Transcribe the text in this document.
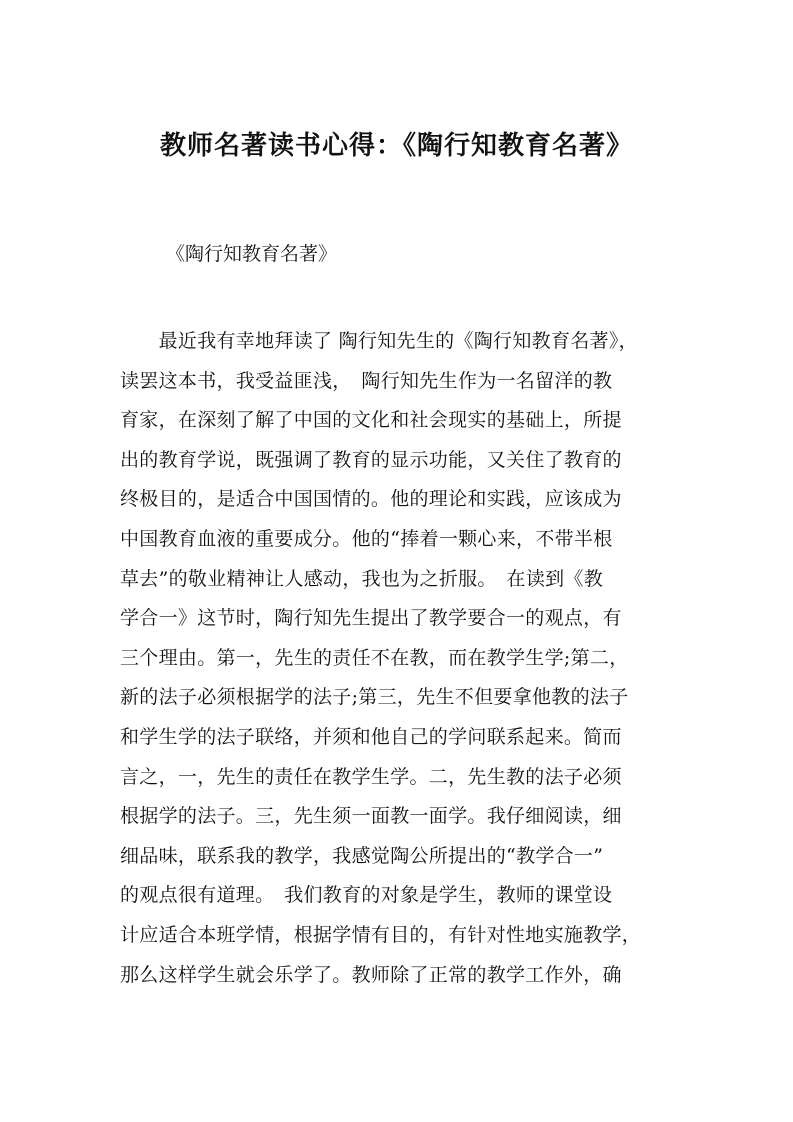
教师名著读书心得：《陶行知教育名著》
《陶行知教育名著》
　　最近我有幸地拜读了 陶行知先生的《陶行知教育名著》，
读罢这本书，我受益匪浅，　陶行知先生作为一名留洋的教
育家，在深刻了解了中国的文化和社会现实的基础上，所提
出的教育学说，既强调了教育的显示功能，又关住了教育的
终极目的，是适合中国国情的。他的理论和实践，应该成为
中国教育血液的重要成分。他的“捧着一颗心来，不带半根
草去”的敬业精神让人感动，我也为之折服。　在读到《教
学合一》这节时，陶行知先生提出了教学要合一的观点，有
三个理由。第一，先生的责任不在教，而在教学生学;第二，
新的法子必须根据学的法子;第三，先生不但要拿他教的法子
和学生学的法子联络，并须和他自己的学问联系起来。简而
言之，一，先生的责任在教学生学。二，先生教的法子必须
根据学的法子。三，先生须一面教一面学。我仔细阅读，细
细品味，联系我的教学，我感觉陶公所提出的“教学合一”
的观点很有道理。　我们教育的对象是学生，教师的课堂设
计应适合本班学情，根据学情有目的，有针对性地实施教学，
那么这样学生就会乐学了。教师除了正常的教学工作外，确
